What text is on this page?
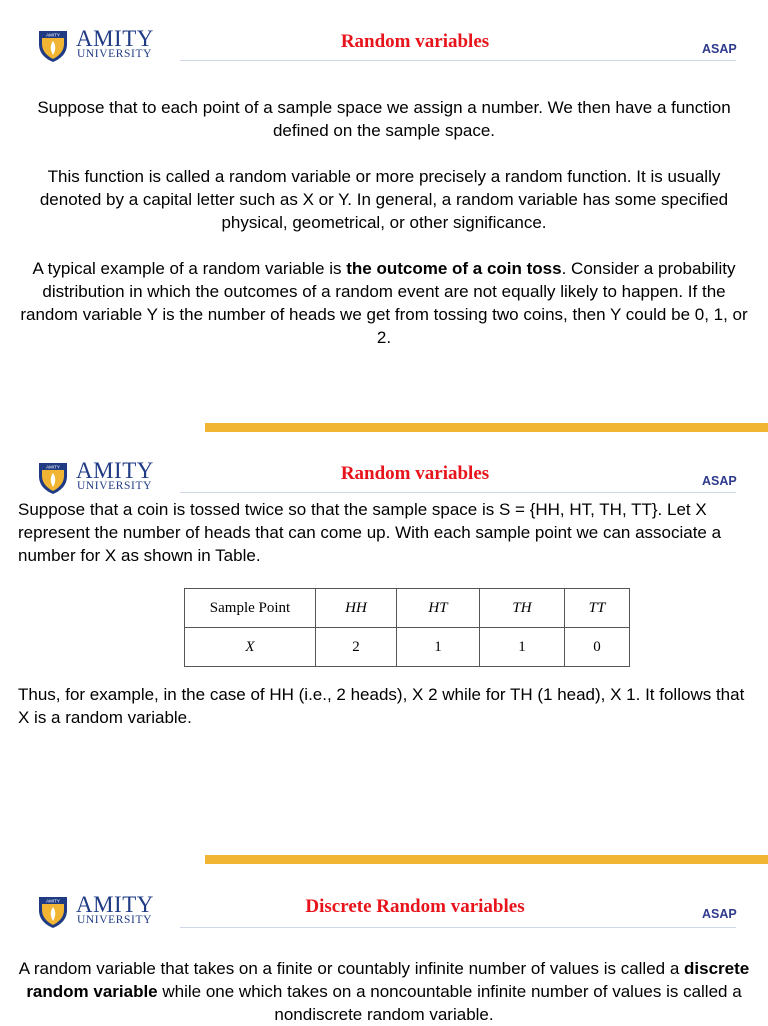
AMITY AMITY
UNIVERSITY
Random variables	ASAP

Suppose that to each point of a sample space we assign a number. We then have a function defined on the sample space.

This function is called a random variable or more precisely a random function. It is usually denoted by a capital letter such as X or Y. In general, a random variable has some specified physical, geometrical, or other significance.

A typical example of a random variable is the outcome of a coin toss. Consider a probability distribution in which the outcomes of a random event are not equally likely to happen. If the random variable Y is the number of heads we get from tossing two coins, then Y could be 0, 1, or 2.

AMITY AMITY
UNIVERSITY
Random variables	ASAP

Suppose that a coin is tossed twice so that the sample space is S = {HH, HT, TH, TT}. Let X represent the number of heads that can come up. With each sample point we can associate a number for X as shown in Table.

Sample Point	HH	HT	TH	TT
X	2	1	1	0

Thus, for example, in the case of HH (i.e., 2 heads), X 2 while for TH (1 head), X 1. It follows that X is a random variable.

AMITY AMITY
UNIVERSITY
Discrete Random variables	ASAP

A random variable that takes on a finite or countably infinite number of values is called a discrete random variable while one which takes on a noncountable infinite number of values is called a nondiscrete random variable.
